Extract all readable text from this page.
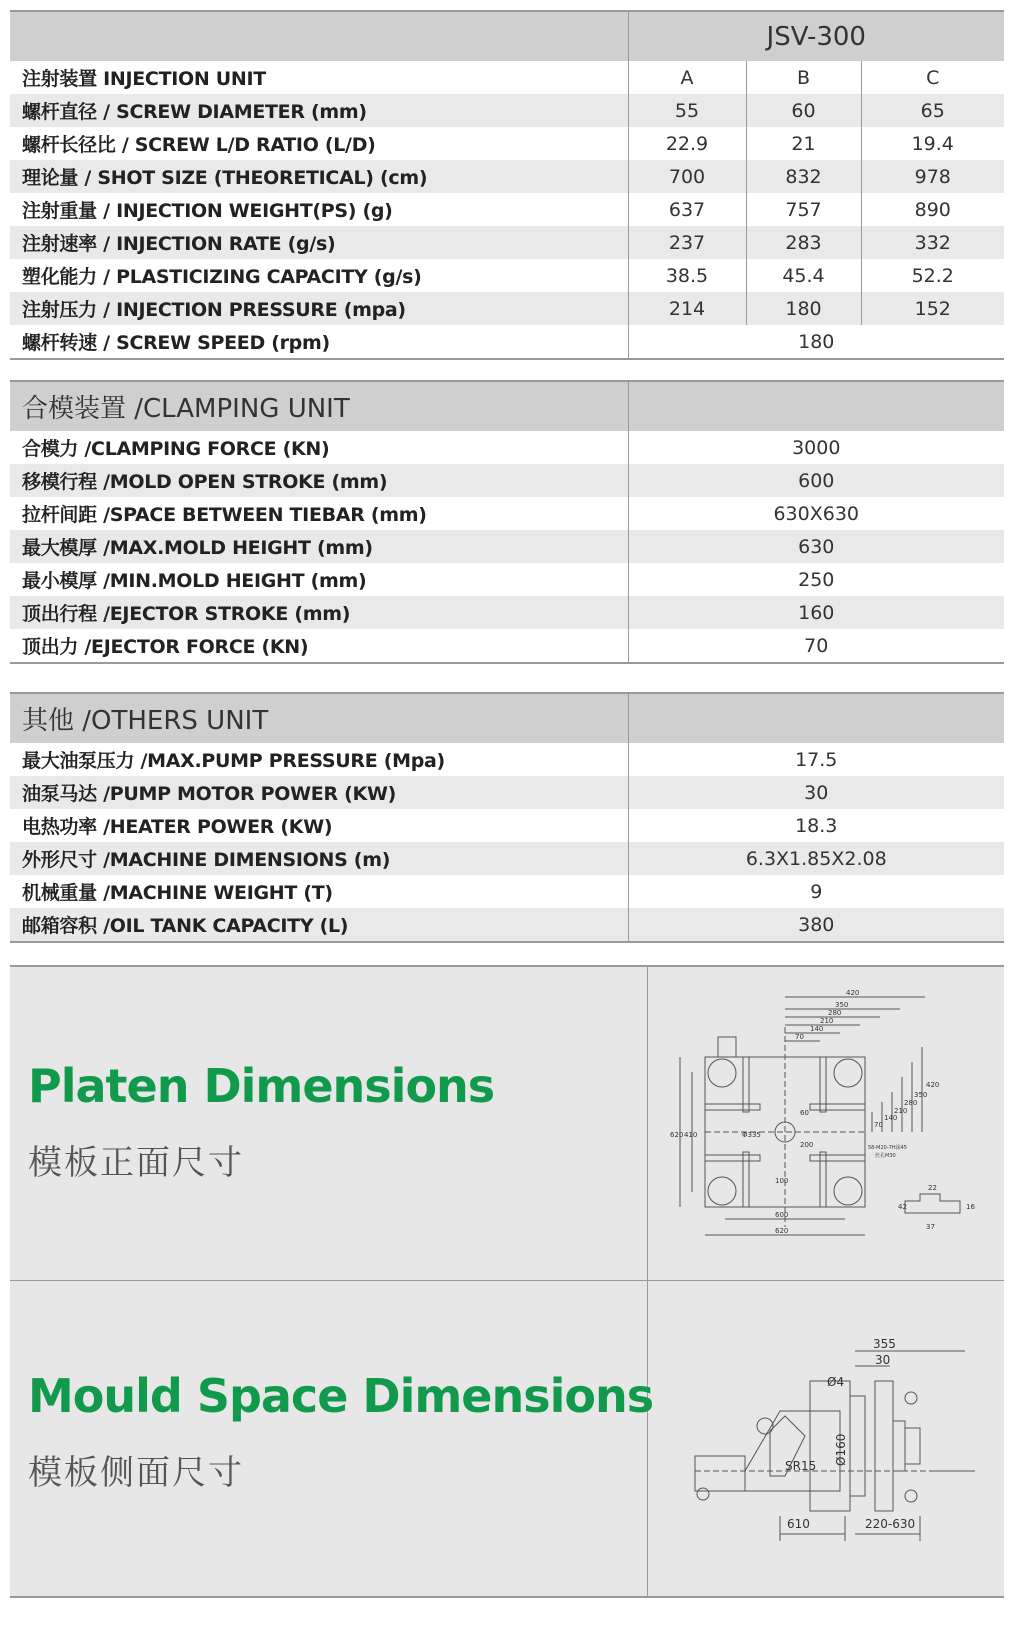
	JSV-300		
注射装置 INJECTION UNIT	A	B	C
螺杆直径 / SCREW DIAMETER (mm)	55	60	65
螺杆长径比 / SCREW L/D RATIO (L/D)	22.9	21	19.4
理论量 / SHOT SIZE (THEORETICAL) (cm)	700	832	978
注射重量 / INJECTION WEIGHT(PS) (g)	637	757	890
注射速率 / INJECTION RATE (g/s)	237	283	332
塑化能力 / PLASTICIZING CAPACITY (g/s)	38.5	45.4	52.2
注射压力 / INJECTION PRESSURE (mpa)	214	180	152
螺杆转速 / SCREW SPEED (rpm)	180		
合模装置 /CLAMPING UNIT	
合模力 /CLAMPING FORCE (KN)	3000
移模行程 /MOLD OPEN STROKE (mm)	600
拉杆间距 /SPACE BETWEEN TIEBAR (mm)	630X630
最大模厚 /MAX.MOLD HEIGHT (mm)	630
最小模厚 /MIN.MOLD HEIGHT (mm)	250
顶出行程 /EJECTOR STROKE (mm)	160
顶出力 /EJECTOR FORCE (KN)	70
其他 /OTHERS UNIT	
最大油泵压力 /MAX.PUMP PRESSURE (Mpa)	17.5
油泵马达 /PUMP MOTOR POWER (KW)	30
电热功率 /HEATER POWER (KW)	18.3
外形尺寸 /MACHINE DIMENSIONS (m)	6.3X1.85X2.08
机械重量 /MACHINE WEIGHT (T)	9
邮箱容积 /OIL TANK CAPACITY (L)	380
Platen Dimensions
模板正面尺寸
420
350
280
210
140
70
420
350
280
210
140
70
620 410
600
620
60
200
100
Φ335
58-M20-7H深45
丝孔M30
22
16
42
37
Mould Space Dimensions
模板侧面尺寸
355
30
Ø4
Ø160
SR15
610	220-630
